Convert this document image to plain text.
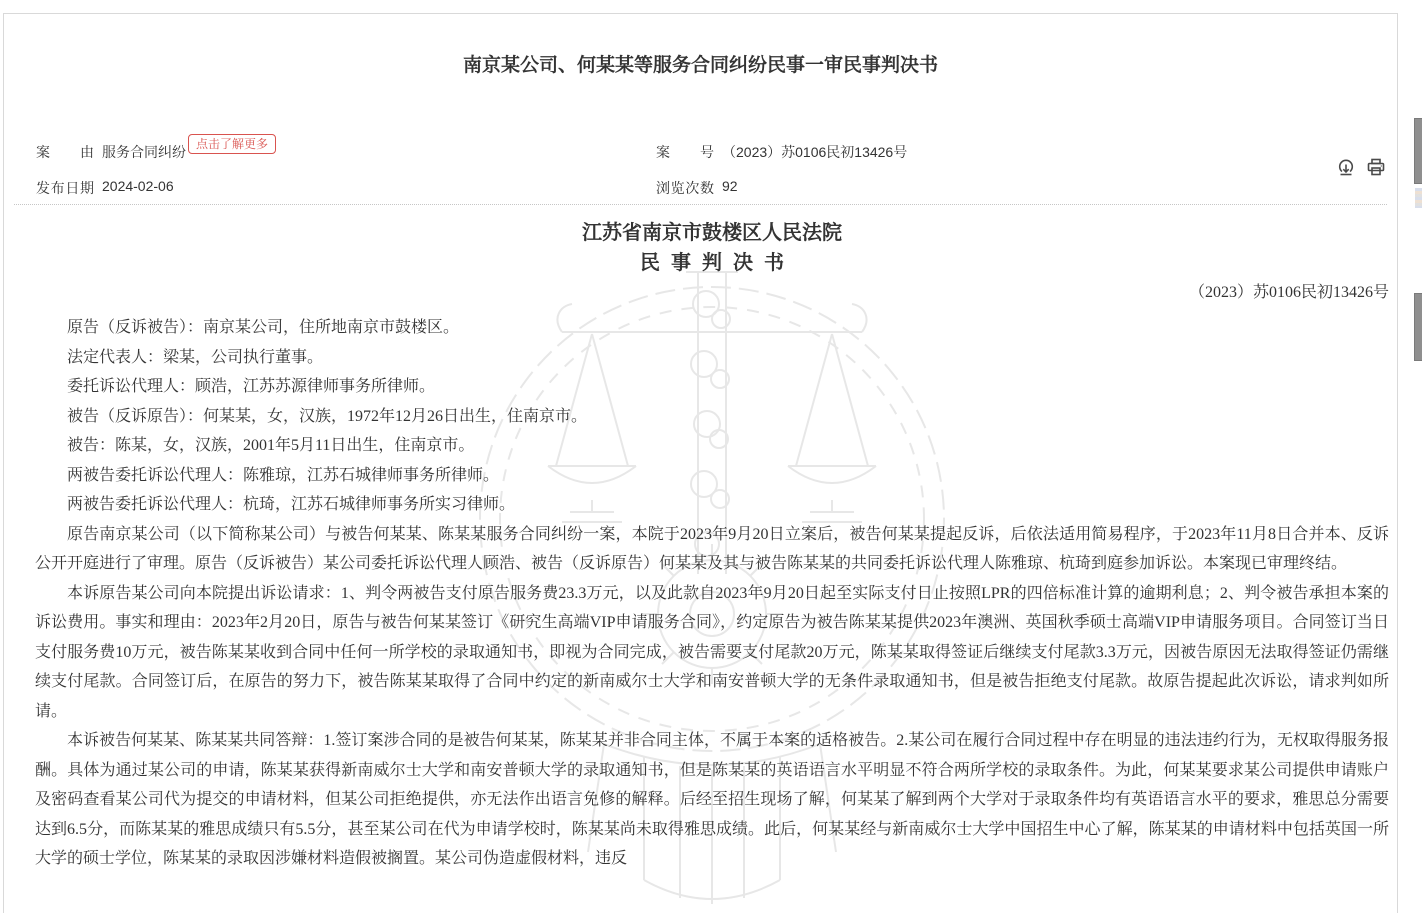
南京某公司、何某某等服务合同纠纷民事一审民事判决书
案由 服务合同纠纷 点击了解更多	案号 （2023）苏0106民初13426号
发布日期 2024-02-06	浏览次数 92
江苏省南京市鼓楼区人民法院
民事判决书
（2023）苏0106民初13426号

原告（反诉被告）：南京某公司，住所地南京市鼓楼区。

法定代表人：梁某，公司执行董事。

委托诉讼代理人：顾浩，江苏苏源律师事务所律师。

被告（反诉原告）：何某某，女，汉族，1972年12月26日出生，住南京市。

被告：陈某，女，汉族，2001年5月11日出生，住南京市。

两被告委托诉讼代理人：陈雅琼，江苏石城律师事务所律师。

两被告委托诉讼代理人：杭琦，江苏石城律师事务所实习律师。

原告南京某公司（以下简称某公司）与被告何某某、陈某某服务合同纠纷一案，本院于2023年9月20日立案后，被告何某某提起反诉，后依法适用简易程序，于2023年11月8日合并本、反诉公开开庭进行了审理。原告（反诉被告）某公司委托诉讼代理人顾浩、被告（反诉原告）何某某及其与被告陈某某的共同委托诉讼代理人陈雅琼、杭琦到庭参加诉讼。本案现已审理终结。

本诉原告某公司向本院提出诉讼请求：1、判令两被告支付原告服务费23.3万元，以及此款自2023年9月20日起至实际支付日止按照LPR的四倍标准计算的逾期利息；2、判令被告承担本案的诉讼费用。事实和理由：2023年2月20日，原告与被告何某某签订《研究生高端VIP申请服务合同》，约定原告为被告陈某某提供2023年澳洲、英国秋季硕士高端VIP申请服务项目。合同签订当日支付服务费10万元，被告陈某某收到合同中任何一所学校的录取通知书，即视为合同完成，被告需要支付尾款20万元，陈某某取得签证后继续支付尾款3.3万元，因被告原因无法取得签证仍需继续支付尾款。合同签订后，在原告的努力下，被告陈某某取得了合同中约定的新南威尔士大学和南安普顿大学的无条件录取通知书，但是被告拒绝支付尾款。故原告提起此次诉讼，请求判如所请。

本诉被告何某某、陈某某共同答辩：1.签订案涉合同的是被告何某某，陈某某并非合同主体，不属于本案的适格被告。2.某公司在履行合同过程中存在明显的违法违约行为，无权取得服务报酬。具体为通过某公司的申请，陈某某获得新南威尔士大学和南安普顿大学的录取通知书，但是陈某某的英语语言水平明显不符合两所学校的录取条件。为此，何某某要求某公司提供申请账户及密码查看某公司代为提交的申请材料，但某公司拒绝提供，亦无法作出语言免修的解释。后经至招生现场了解，何某某了解到两个大学对于录取条件均有英语语言水平的要求，雅思总分需要达到6.5分，而陈某某的雅思成绩只有5.5分，甚至某公司在代为申请学校时，陈某某尚未取得雅思成绩。此后，何某某经与新南威尔士大学中国招生中心了解，陈某某的申请材料中包括英国一所大学的硕士学位，陈某某的录取因涉嫌材料造假被搁置。某公司伪造虚假材料，违反
